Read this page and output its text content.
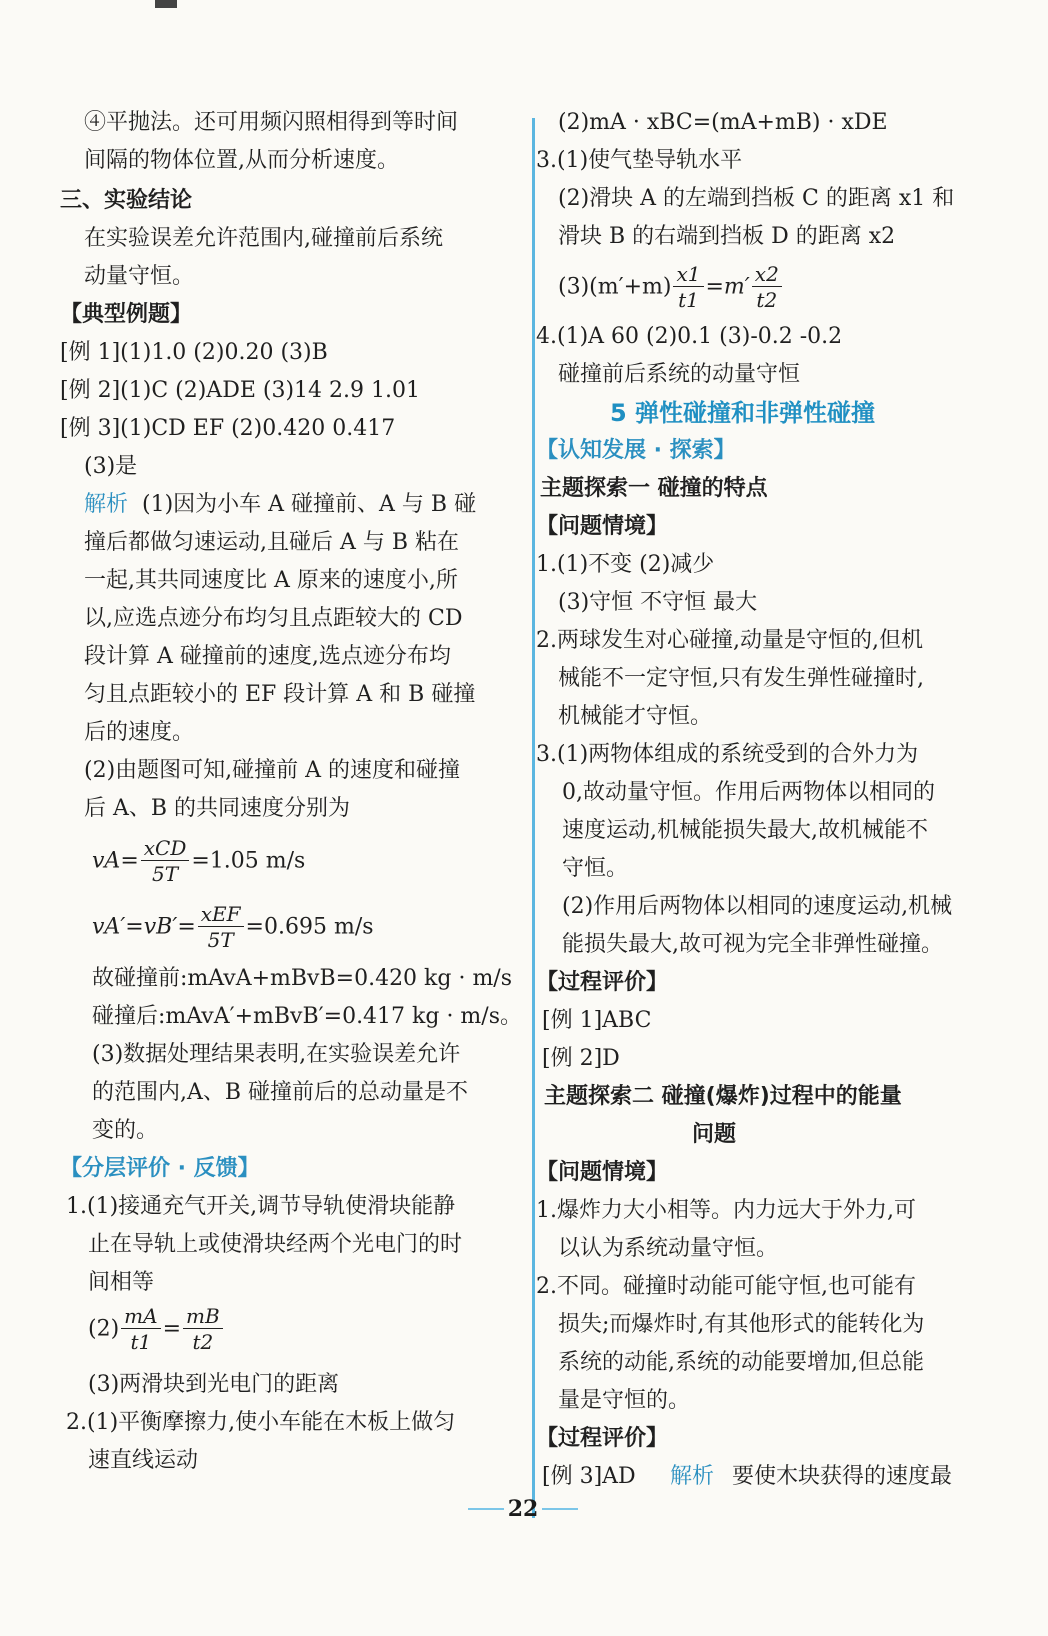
④平抛法。还可用频闪照相得到等时间
间隔的物体位置,从而分析速度。
三、实验结论
在实验误差允许范围内,碰撞前后系统
动量守恒。
【典型例题】
[例 1](1)1.0 (2)0.20 (3)B
[例 2](1)C (2)ADE (3)14 2.9 1.01
[例 3](1)CD EF (2)0.420 0.417
(3)是
解析 (1)因为小车 A 碰撞前、A 与 B 碰
撞后都做匀速运动,且碰后 A 与 B 粘在
一起,其共同速度比 A 原来的速度小,所
以,应选点迹分布均匀且点距较大的 CD
段计算 A 碰撞前的速度,选点迹分布均
匀且点距较小的 EF 段计算 A 和 B 碰撞
后的速度。
(2)由题图可知,碰撞前 A 的速度和碰撞
后 A、B 的共同速度分别为
故碰撞前:mAvA+mBvB=0.420 kg · m/s
碰撞后:mAvA′+mBvB′=0.417 kg · m/s。
(3)数据处理结果表明,在实验误差允许
的范围内,A、B 碰撞前后的总动量是不
变的。
【分层评价 · 反馈】
1.(1)接通充气开关,调节导轨使滑块能静
止在导轨上或使滑块经两个光电门的时
间相等
(3)两滑块到光电门的距离
2.(1)平衡摩擦力,使小车能在木板上做匀
速直线运动
(2)mA · xBC=(mA+mB) · xDE
3.(1)使气垫导轨水平
(2)滑块 A 的左端到挡板 C 的距离 x1 和
滑块 B 的右端到挡板 D 的距离 x2
4.(1)A 60 (2)0.1 (3)-0.2 -0.2
碰撞前后系统的动量守恒
5 弹性碰撞和非弹性碰撞
【认知发展 · 探索】
主题探索一 碰撞的特点
【问题情境】
1.(1)不变 (2)减少
(3)守恒 不守恒 最大
2.两球发生对心碰撞,动量是守恒的,但机
械能不一定守恒,只有发生弹性碰撞时,
机械能才守恒。
3.(1)两物体组成的系统受到的合外力为
0,故动量守恒。作用后两物体以相同的
速度运动,机械能损失最大,故机械能不
守恒。
(2)作用后两物体以相同的速度运动,机械
能损失最大,故可视为完全非弹性碰撞。
【过程评价】
[例 1]ABC
[例 2]D
主题探索二 碰撞(爆炸)过程中的能量
问题
【问题情境】
1.爆炸力大小相等。内力远大于外力,可
以认为系统动量守恒。
2.不同。碰撞时动能可能守恒,也可能有
损失;而爆炸时,有其他形式的能转化为
系统的动能,系统的动能要增加,但总能
量是守恒的。
【过程评价】
[例 3]AD 解析 要使木块获得的速度最
$vA= \frac{\text{xCD}}{5T} =1.05$ m/s
$vA'=vB'= \frac{\text{xEF}}{5T} =0.695$ m/s
$(2) \frac{mA}{t1} = \frac{mB}{t2}$
$(3)(m'+m) \frac{x1}{t1} =m' \frac{x2}{t2}$
22
